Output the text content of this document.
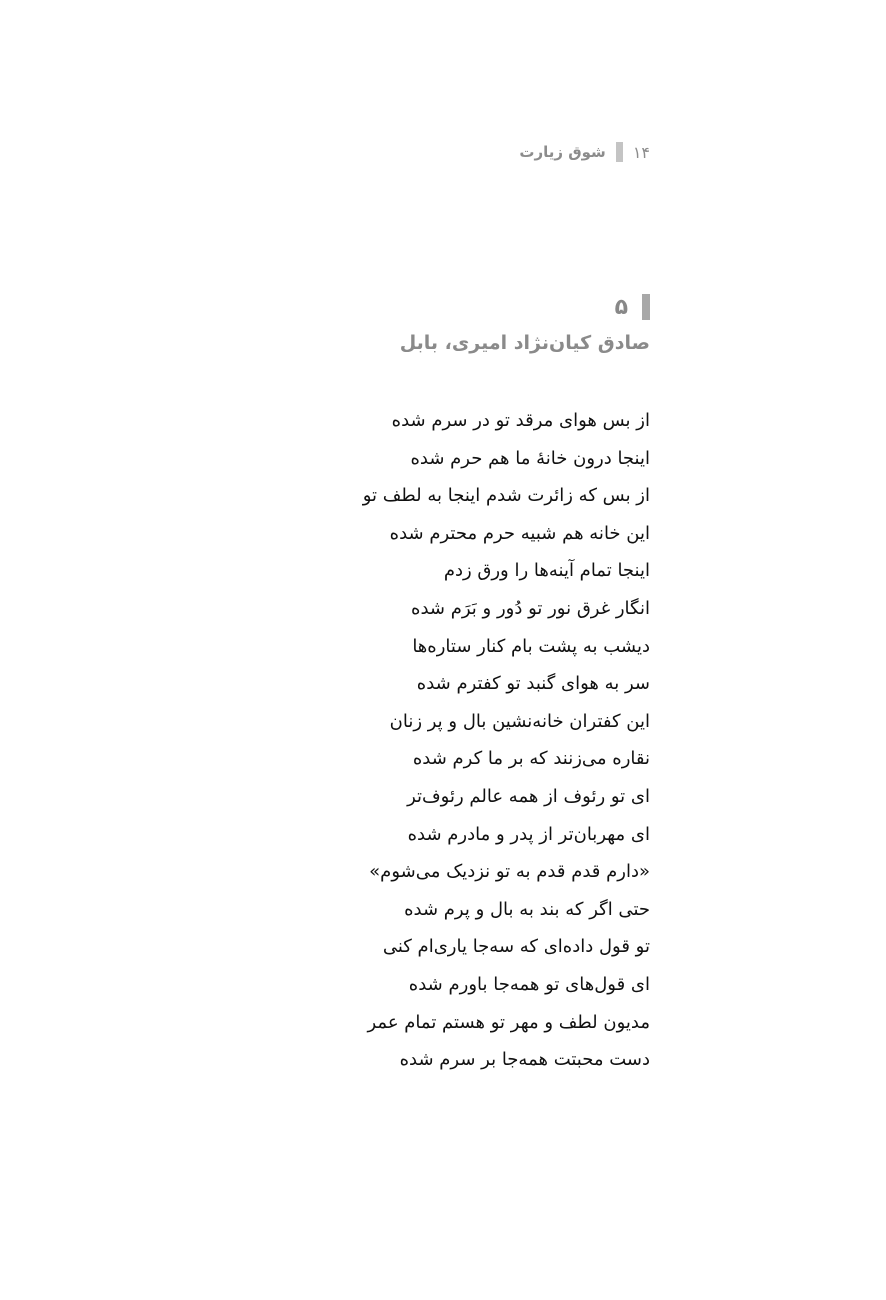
۱۴
شوق زیارت
۵
صادق کیان‌نژاد امیری، بابل
از بس هوای مرقد تو در سرم شده
اینجا درون خانۀ ما هم حرم شده
از بس که زائرت شدم اینجا به لطف تو
این خانه هم شبیه حرم محترم شده
اینجا تمام آینه‌ها را ورق زدم
انگار غرق نور تو دُور و بَرَم شده
دیشب به پشت بام کنار ستاره‌ها
سر به هوای گنبد تو کفترم شده
این کفتران خانه‌نشین بال و پر زنان
نقاره می‌زنند که بر ما کرم شده
ای تو رئوف از همه عالم رئوف‌تر
ای مهربان‌تر از پدر و مادرم شده
«دارم قدم قدم به تو نزدیک می‌شوم»
حتی اگر که بند به بال و پرم شده
تو قول داده‌ای که سه‌جا یاری‌ام کنی
ای قول‌های تو همه‌جا باورم شده
مدیون لطف و مهر تو هستم تمام عمر
دست محبتت همه‌جا بر سرم شده
